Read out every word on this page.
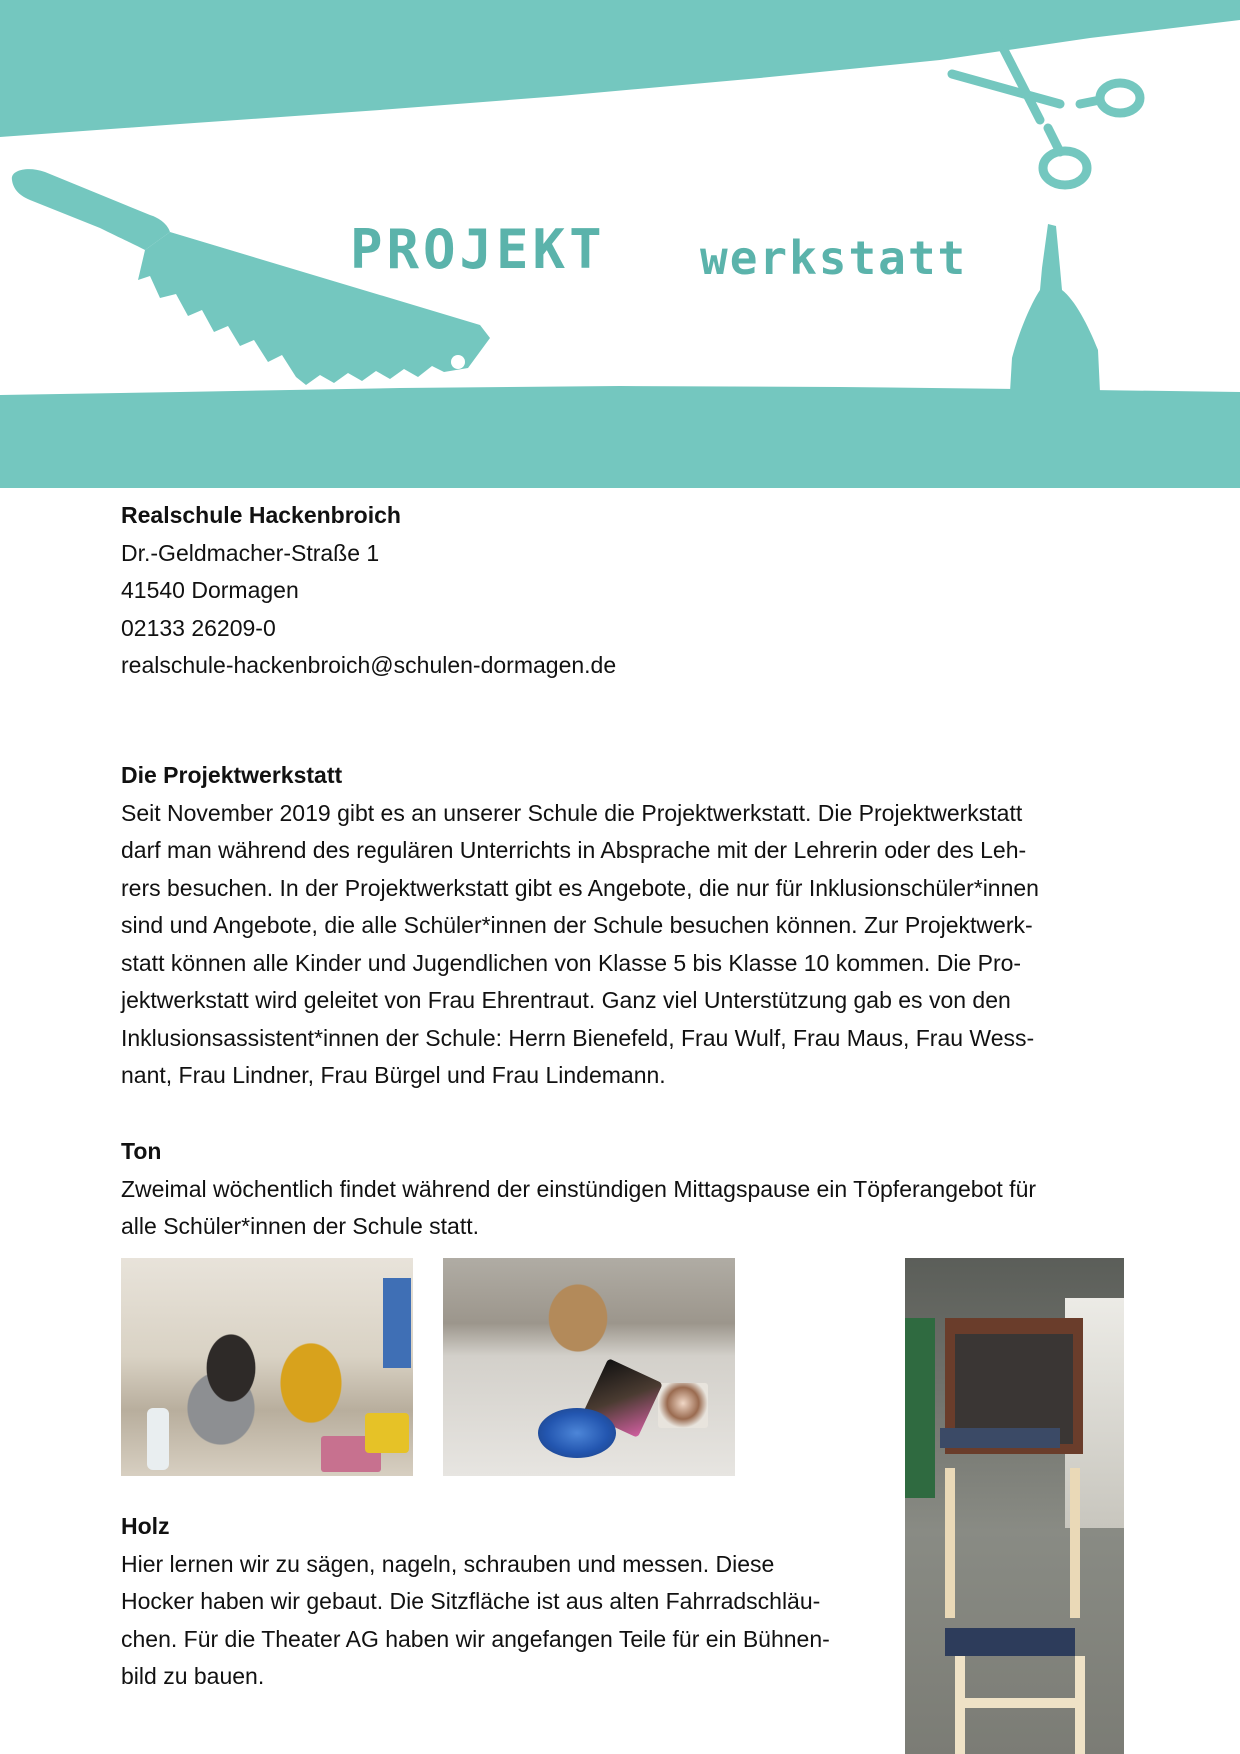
PROJEKT werkstatt

Realschule Hackenbroich

Dr.-Geldmacher-Straße 1

41540 Dormagen

02133 26209-0

realschule-hackenbroich@schulen-dormagen.de

Die Projektwerkstatt

Seit November 2019 gibt es an unserer Schule die Projektwerkstatt. Die Projektwerkstatt

darf man während des regulären Unterrichts in Absprache mit der Lehrerin oder des Leh-

rers besuchen. In der Projektwerkstatt gibt es Angebote, die nur für Inklusionschüler*innen

sind und Angebote, die alle Schüler*innen der Schule besuchen können. Zur Projektwerk-

statt können alle Kinder und Jugendlichen von Klasse 5 bis Klasse 10 kommen. Die Pro-

jektwerkstatt wird geleitet von Frau Ehrentraut. Ganz viel Unterstützung gab es von den

Inklusionsassistent*innen der Schule: Herrn Bienefeld, Frau Wulf, Frau Maus, Frau Wess-

nant, Frau Lindner, Frau Bürgel und Frau Lindemann.

Ton

Zweimal wöchentlich findet während der einstündigen Mittagspause ein Töpferangebot für

alle Schüler*innen der Schule statt.

Holz

Hier lernen wir zu sägen, nageln, schrauben und messen. Diese

Hocker haben wir gebaut. Die Sitzfläche ist aus alten Fahrradschläu-

chen. Für die Theater AG haben wir angefangen Teile für ein Bühnen-

bild zu bauen.
